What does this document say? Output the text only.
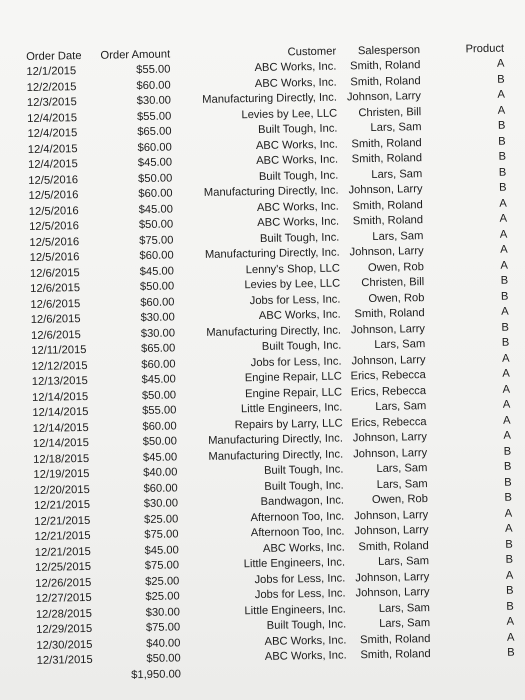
Order Date	Order Amount	Customer	Salesperson	Product
12/1/2015	$55.00	ABC Works, Inc.	Smith, Roland	A
12/2/2015	$60.00	ABC Works, Inc.	Smith, Roland	B
12/3/2015	$30.00	Manufacturing Directly, Inc.	Johnson, Larry	A
12/4/2015	$55.00	Levies by Lee, LLC	Christen, Bill	A
12/4/2015	$65.00	Built Tough, Inc.	Lars, Sam	B
12/4/2015	$60.00	ABC Works, Inc.	Smith, Roland	B
12/4/2015	$45.00	ABC Works, Inc.	Smith, Roland	B
12/5/2016	$50.00	Built Tough, Inc.	Lars, Sam	B
12/5/2016	$60.00	Manufacturing Directly, Inc.	Johnson, Larry	B
12/5/2016	$45.00	ABC Works, Inc.	Smith, Roland	A
12/5/2016	$50.00	ABC Works, Inc.	Smith, Roland	A
12/5/2016	$75.00	Built Tough, Inc.	Lars, Sam	A
12/5/2016	$60.00	Manufacturing Directly, Inc.	Johnson, Larry	A
12/6/2015	$45.00	Lenny's Shop, LLC	Owen, Rob	A
12/6/2015	$50.00	Levies by Lee, LLC	Christen, Bill	B
12/6/2015	$60.00	Jobs for Less, Inc.	Owen, Rob	B
12/6/2015	$30.00	ABC Works, Inc.	Smith, Roland	A
12/6/2015	$30.00	Manufacturing Directly, Inc.	Johnson, Larry	B
12/11/2015	$65.00	Built Tough, Inc.	Lars, Sam	B
12/12/2015	$60.00	Jobs for Less, Inc.	Johnson, Larry	A
12/13/2015	$45.00	Engine Repair, LLC	Erics, Rebecca	A
12/14/2015	$50.00	Engine Repair, LLC	Erics, Rebecca	A
12/14/2015	$55.00	Little Engineers, Inc.	Lars, Sam	A
12/14/2015	$60.00	Repairs by Larry, LLC	Erics, Rebecca	A
12/14/2015	$50.00	Manufacturing Directly, Inc.	Johnson, Larry	A
12/18/2015	$45.00	Manufacturing Directly, Inc.	Johnson, Larry	B
12/19/2015	$40.00	Built Tough, Inc.	Lars, Sam	B
12/20/2015	$60.00	Built Tough, Inc.	Lars, Sam	B
12/21/2015	$30.00	Bandwagon, Inc.	Owen, Rob	B
12/21/2015	$25.00	Afternoon Too, Inc.	Johnson, Larry	A
12/21/2015	$75.00	Afternoon Too, Inc.	Johnson, Larry	A
12/21/2015	$45.00	ABC Works, Inc.	Smith, Roland	B
12/25/2015	$75.00	Little Engineers, Inc.	Lars, Sam	B
12/26/2015	$25.00	Jobs for Less, Inc.	Johnson, Larry	A
12/27/2015	$25.00	Jobs for Less, Inc.	Johnson, Larry	B
12/28/2015	$30.00	Little Engineers, Inc.	Lars, Sam	B
12/29/2015	$75.00	Built Tough, Inc.	Lars, Sam	A
12/30/2015	$40.00	ABC Works, Inc.	Smith, Roland	A
12/31/2015	$50.00	ABC Works, Inc.	Smith, Roland	B
	$1,950.00			
